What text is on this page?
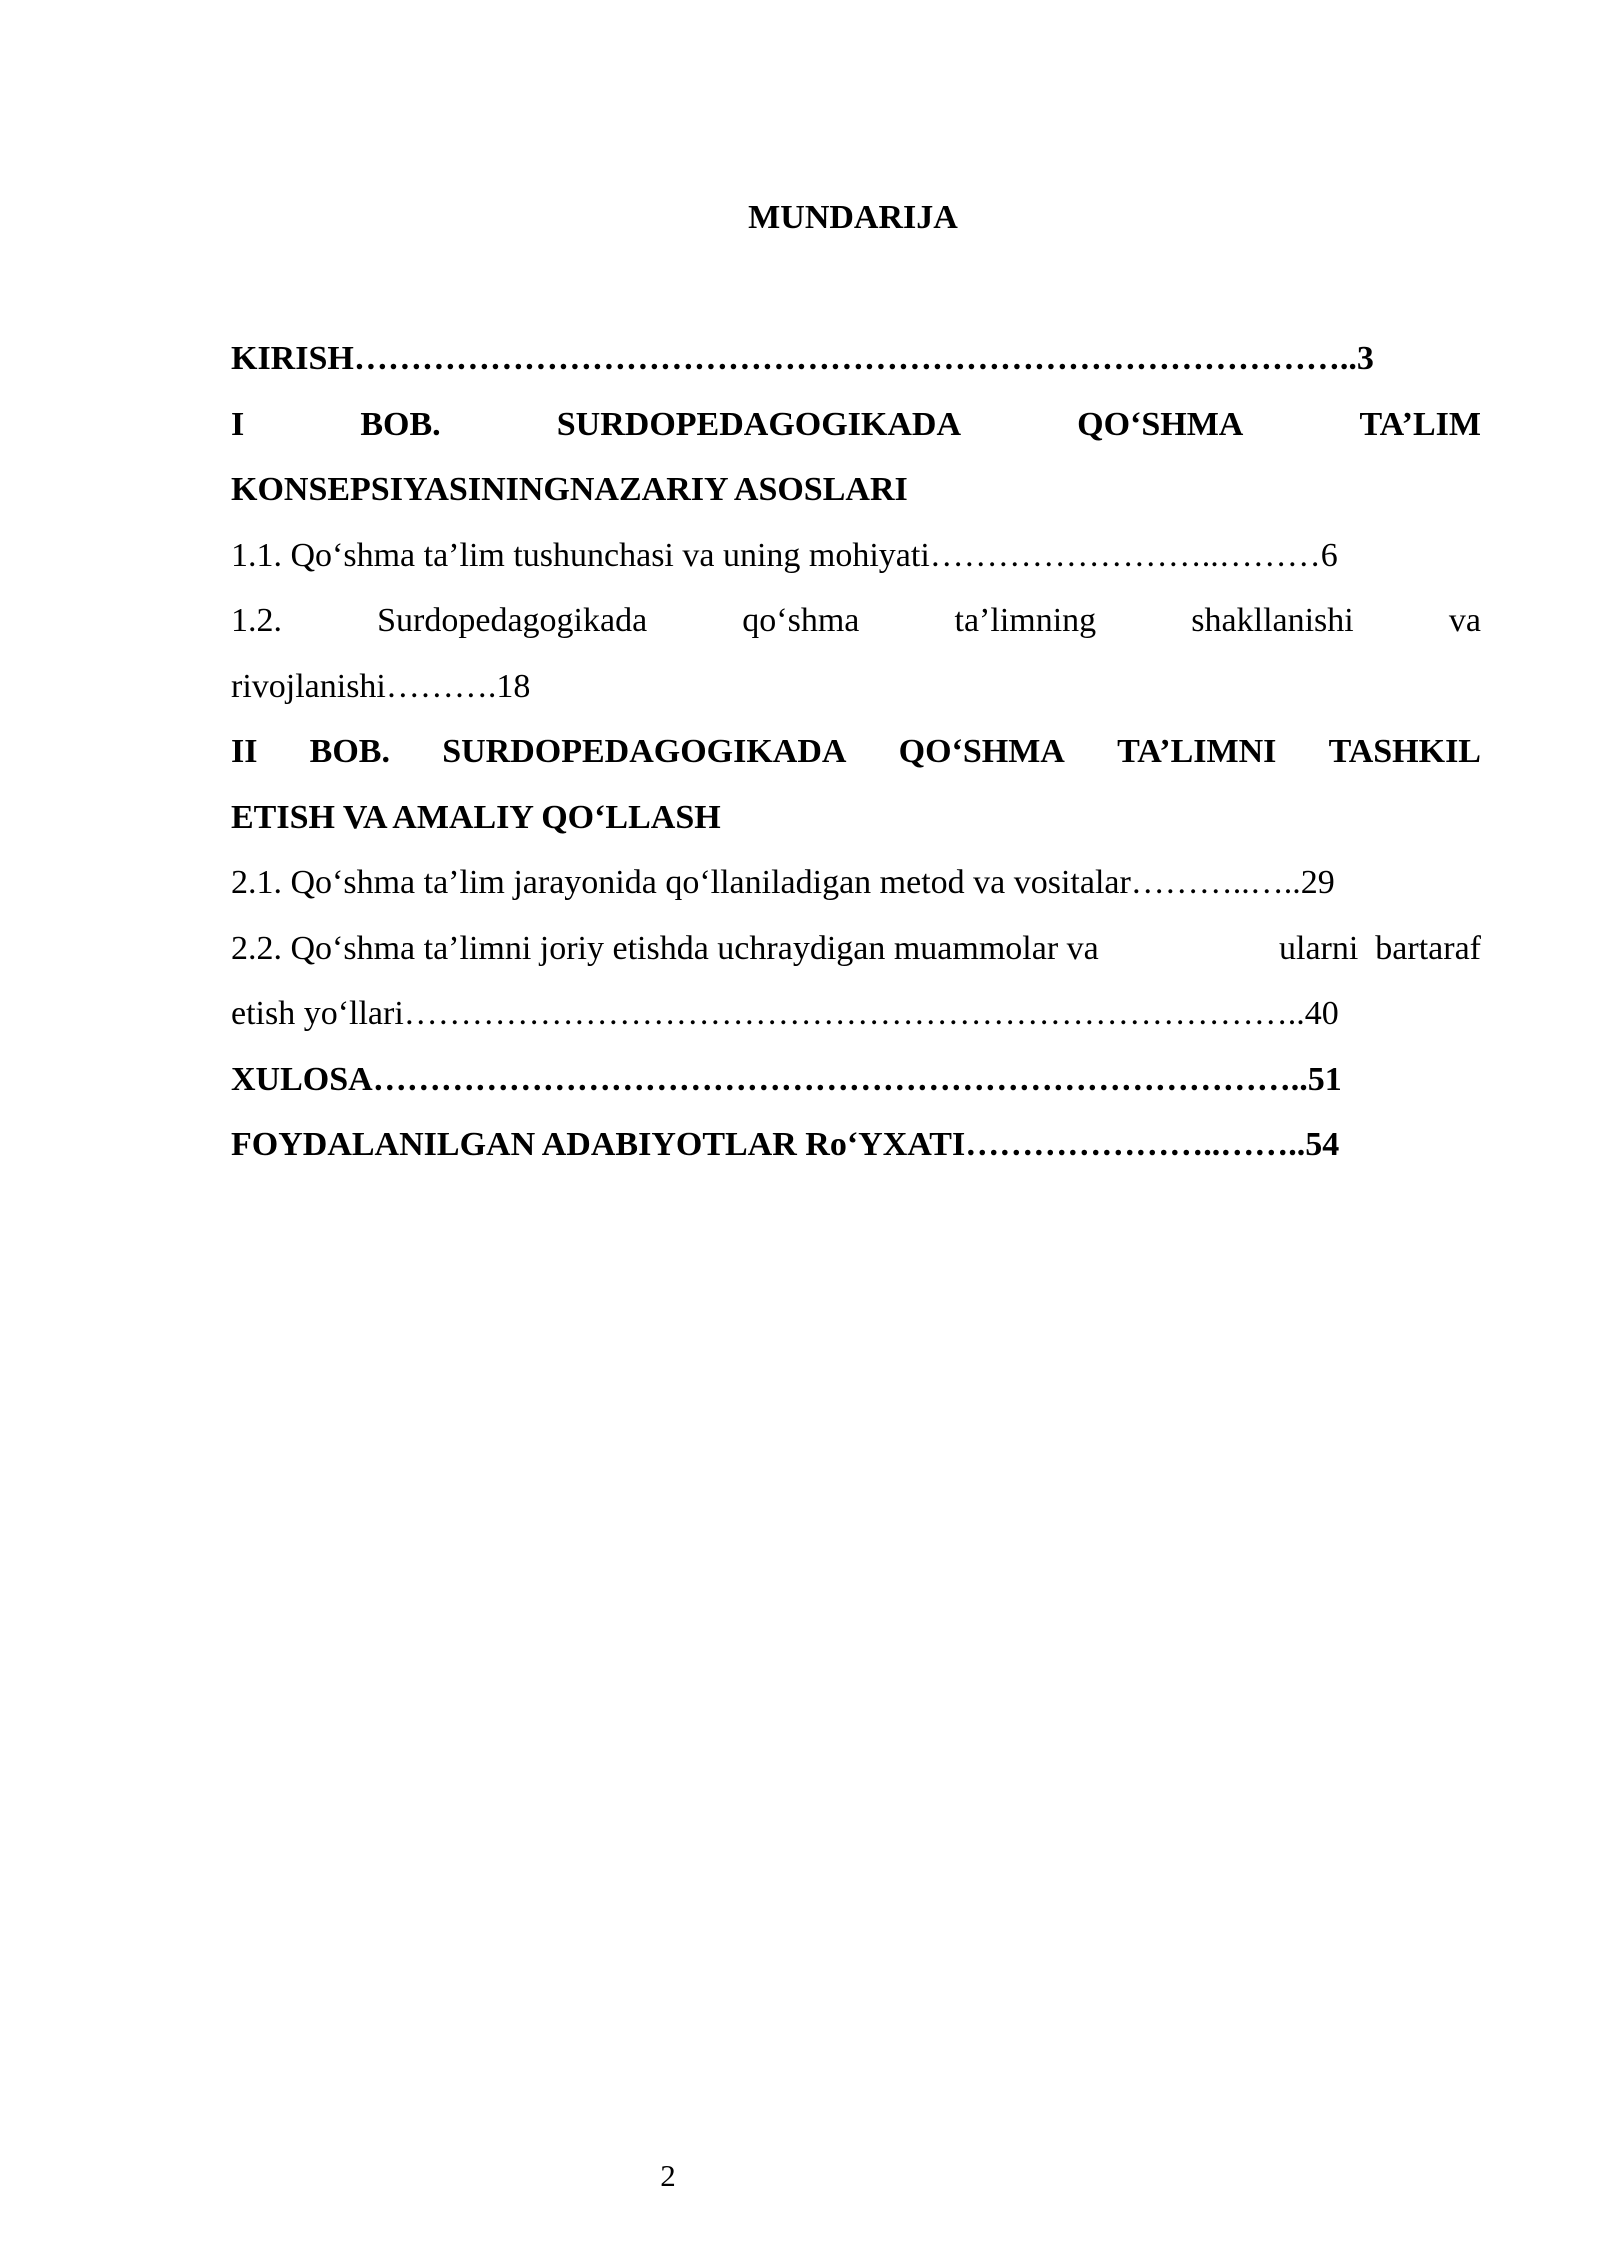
MUNDARIJA
KIRISH……………………………………………………………………………..3
I	BOB.	SURDOPEDAGOGIKADA	QO‘SHMA	TA’LIM
KONSEPSIYASININGNAZARIY ASOSLARI
1.1. Qo‘shma ta’lim tushunchasi va uning mohiyati……………………..………6
1.2.	Surdopedagogikada	qo‘shma	ta’limning	shakllanishi	va
rivojlanishi……….18
II BOB. SURDOPEDAGOGIKADA QO‘SHMA TA’LIMNI TASHKIL
ETISH VA AMALIY QO‘LLASH
2.1. Qo‘shma ta’lim jarayonida qo‘llaniladigan metod va vositalar………..…..29
2.2. Qo‘shma ta’limni joriy etishda uchraydigan muammolar va	ularni  bartaraf
etish yo‘llari……………………………………………………………………..40
XULOSA………………………………………………………………………..51
FOYDALANILGAN ADABIYOTLAR Ro‘YXATI…………………..……..54
2
